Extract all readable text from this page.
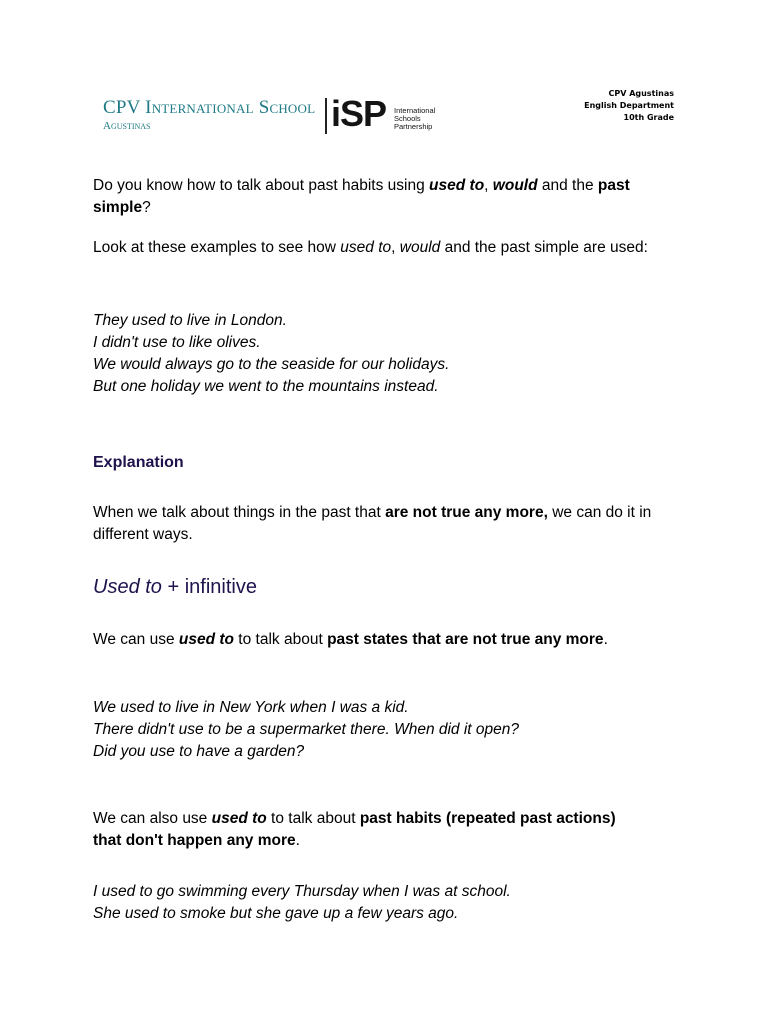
CPV International School
Agustinas	iSP International
Schools
Partnership
CPV Agustinas
English Department
10th Grade
Do you know how to talk about past habits using used to, would and the past simple?
Look at these examples to see how used to, would and the past simple are used:
They used to live in London.
I didn't use to like olives.
We would always go to the seaside for our holidays.
But one holiday we went to the mountains instead.
Explanation
When we talk about things in the past that are not true any more, we can do it in different ways.
Used to + infinitive
We can use used to to talk about past states that are not true any more.
We used to live in New York when I was a kid.
There didn't use to be a supermarket there. When did it open?
Did you use to have a garden?
We can also use used to to talk about past habits (repeated past actions) that don't happen any more.
I used to go swimming every Thursday when I was at school.
She used to smoke but she gave up a few years ago.
